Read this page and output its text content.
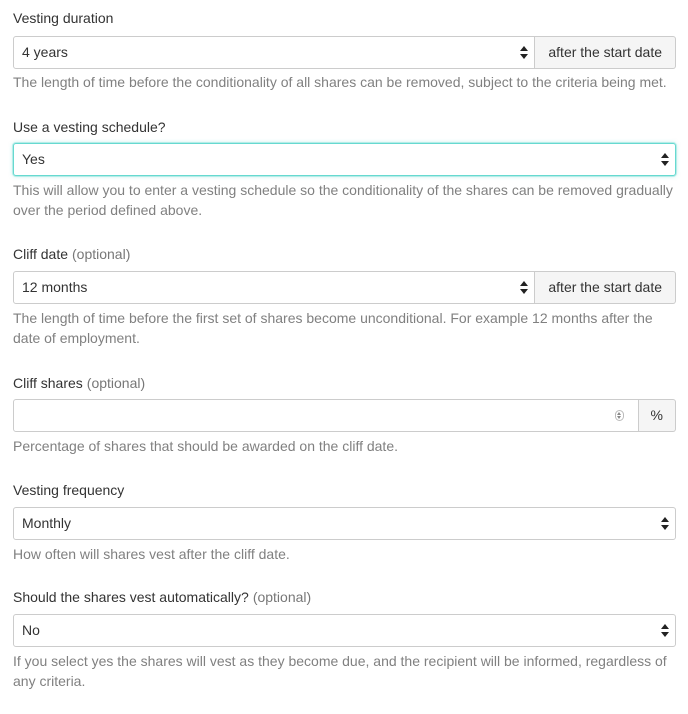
Vesting duration
4 years	after the start date
The length of time before the conditionality of all shares can be removed, subject to the criteria being met.
Use a vesting schedule?
Yes
This will allow you to enter a vesting schedule so the conditionality of the shares can be removed gradually over the period defined above.
Cliff date (optional)
12 months	after the start date
The length of time before the first set of shares become unconditional. For example 12 months after the date of employment.
Cliff shares (optional)
%
Percentage of shares that should be awarded on the cliff date.
Vesting frequency
Monthly
How often will shares vest after the cliff date.
Should the shares vest automatically? (optional)
No
If you select yes the shares will vest as they become due, and the recipient will be informed, regardless of any criteria.
